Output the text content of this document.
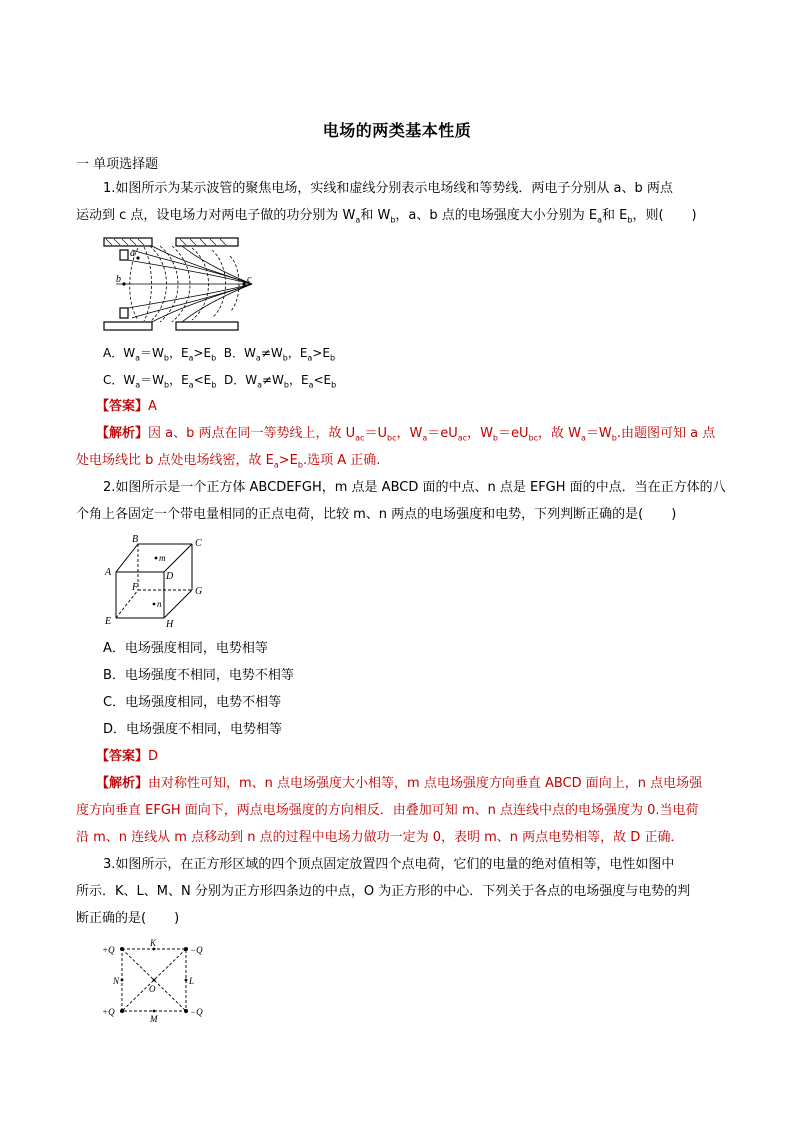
电场的两类基本性质
一 单项选择题
1.如图所示为某示波管的聚焦电场，实线和虚线分别表示电场线和等势线．两电子分别从 a、b 两点
运动到 c 点，设电场力对两电子做的功分别为 $W_a$和 $W_b$，a、b 点的电场强度大小分别为 $E_a$和 $E_b$，则( )
a
b	c
A．$W_a=W_b$，$E_a>E_b$ B．$W_a\ne W_b$，$E_a>E_b$
C．$W_a=W_b$，$E_a<E_b$ D．$W_a\ne W_b$，$E_a<E_b$
【答案】A
【解析】因 a、b 两点在同一等势线上，故 $U_{ac}=U_{bc}$，$W_a=eU_{ac}$，$W_b=eU_{bc}$，故 $W_a=W_b$.由题图可知 a 点
处电场线比 b 点处电场线密，故 $E_a>E_b$.选项 A 正确.
2.如图所示是一个正方体 ABCDEFGH，m 点是 ABCD 面的中点、n 点是 EFGH 面的中点．当在正方体的八
个角上各固定一个带电量相同的正点电荷，比较 m、n 两点的电场强度和电势，下列判断正确的是( )
B	C
A	D
F	G
E	H
m
n
A．电场强度相同，电势相等
B．电场强度不相同，电势不相等
C．电场强度相同，电势不相等
D．电场强度不相同，电势相等
【答案】D
【解析】由对称性可知，m、n 点电场强度大小相等，m 点电场强度方向垂直 ABCD 面向上，n 点电场强
度方向垂直 EFGH 面向下，两点电场强度的方向相反．由叠加可知 m、n 点连线中点的电场强度为 0.当电荷
沿 m、n 连线从 m 点移动到 n 点的过程中电场力做功一定为 0，表明 m、n 两点电势相等，故 D 正确．
3.如图所示，在正方形区域的四个顶点固定放置四个点电荷，它们的电量的绝对值相等，电性如图中
所示．K、L、M、N 分别为正方形四条边的中点，O 为正方形的中心．下列关于各点的电场强度与电势的判
断正确的是( )
+Q	−Q
+Q	−Q
K
L
M
N
O
